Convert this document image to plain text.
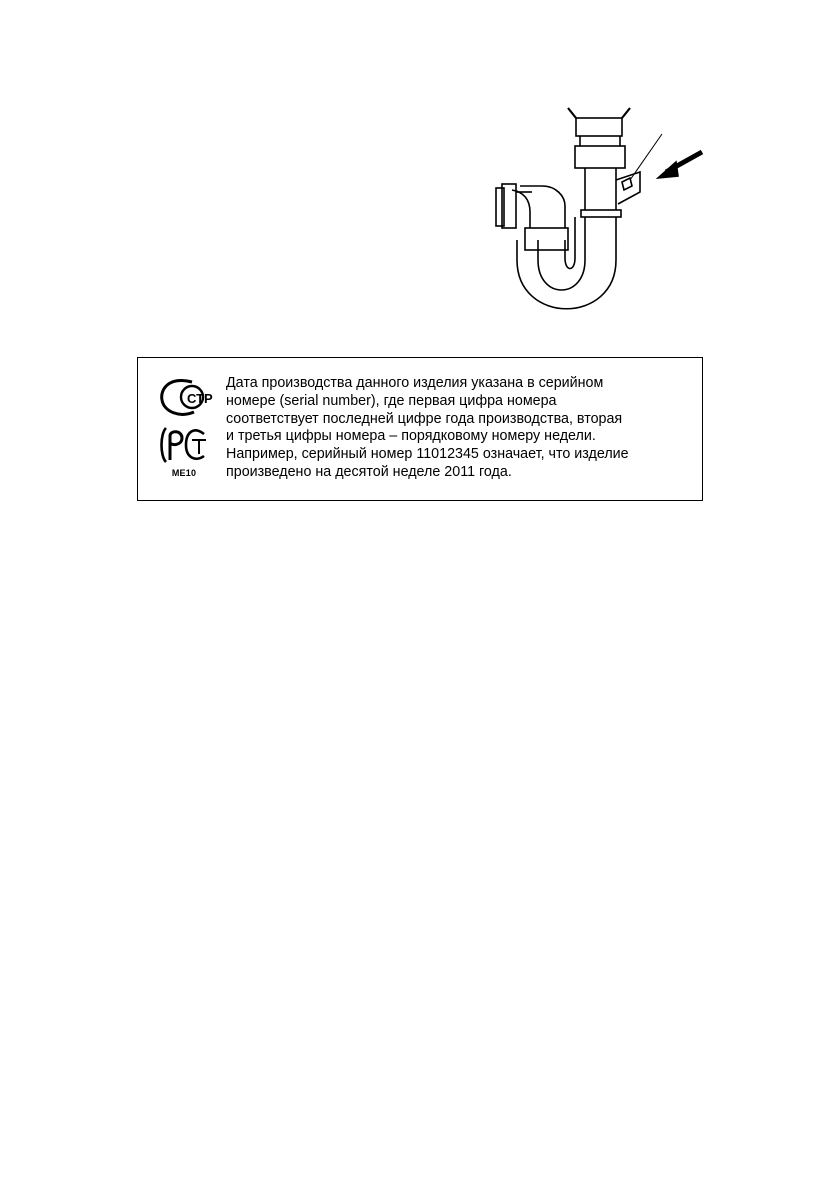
СТР
ME10
Дата производства данного изделия указана в серийном
номере (serial number), где первая цифра номера
соответствует последней цифре года производства, вторая
и третья цифры номера – порядковому номеру недели.
Например, серийный номер 11012345 означает, что изделие
произведено на десятой неделе 2011 года.
